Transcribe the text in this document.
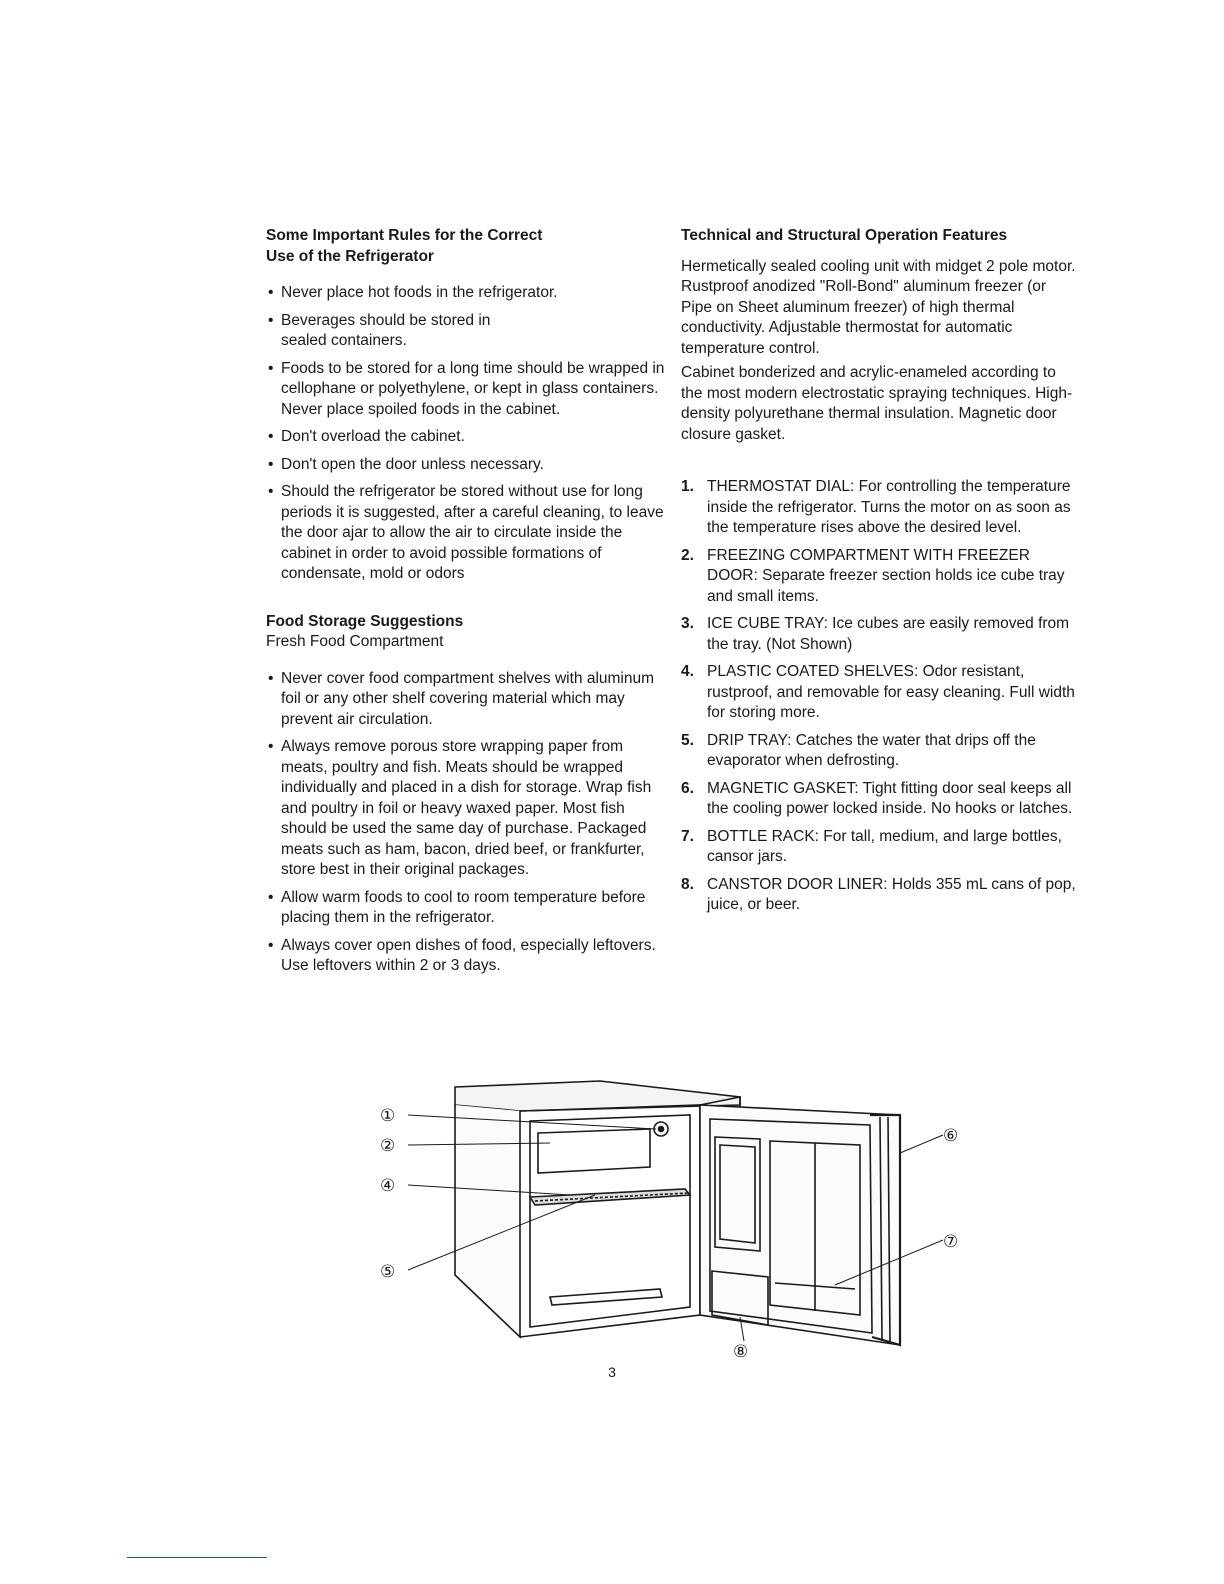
Some Important Rules for the Correct
Use of the Refrigerator
• Never place hot foods in the refrigerator.
• Beverages should be stored in sealed containers.
• Foods to be stored for a long time should be wrapped in cellophane or polyethylene, or kept in glass containers. Never place spoiled foods in the cabinet.
• Don't overload the cabinet.
• Don't open the door unless necessary.
• Should the refrigerator be stored without use for long periods it is suggested, after a careful cleaning, to leave the door ajar to allow the air to circulate inside the cabinet in order to avoid possible formations of condensate, mold or odors
Food Storage Suggestions

Fresh Food Compartment

• Never cover food compartment shelves with aluminum foil or any other shelf covering material which may prevent air circulation.
• Always remove porous store wrapping paper from meats, poultry and fish. Meats should be wrapped individually and placed in a dish for storage. Wrap fish and poultry in foil or heavy waxed paper. Most fish should be used the same day of purchase. Packaged meats such as ham, bacon, dried beef, or frankfurter, store best in their original packages.
• Allow warm foods to cool to room temperature before placing them in the refrigerator.
• Always cover open dishes of food, especially leftovers. Use leftovers within 2 or 3 days.
Technical and Structural Operation Features

Hermetically sealed cooling unit with midget 2 pole motor. Rustproof anodized "Roll-Bond" aluminum freezer (or Pipe on Sheet aluminum freezer) of high thermal conductivity. Adjustable thermostat for automatic temperature control.

Cabinet bonderized and acrylic-enameled according to the most modern electrostatic spraying techniques. High-density polyurethane thermal insulation. Magnetic door closure gasket.

1. THERMOSTAT DIAL: For controlling the temperature inside the refrigerator. Turns the motor on as soon as the temperature rises above the desired level.
2. FREEZING COMPARTMENT WITH FREEZER DOOR: Separate freezer section holds ice cube tray and small items.
3. ICE CUBE TRAY: Ice cubes are easily removed from the tray. (Not Shown)
4. PLASTIC COATED SHELVES: Odor resistant, rustproof, and removable for easy cleaning. Full width for storing more.
5. DRIP TRAY: Catches the water that drips off the evaporator when defrosting.
6. MAGNETIC GASKET: Tight fitting door seal keeps all the cooling power locked inside. No hooks or latches.
7. BOTTLE RACK: For tall, medium, and large bottles, cansor jars.
8. CANSTOR DOOR LINER: Holds 355 mL cans of pop, juice, or beer.
①
②
④
⑤
⑥
⑦
⑧
3
